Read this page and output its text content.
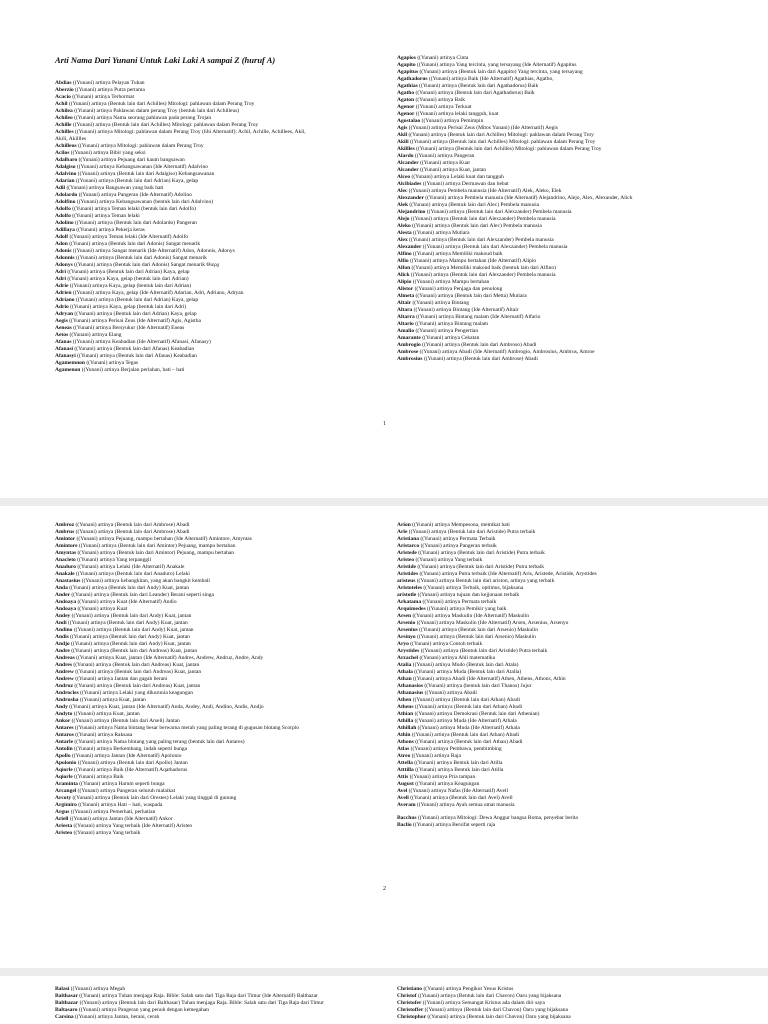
Arti Nama Dari Yunani Untuk Laki Laki A sampai Z (huruf A)
Abdias ((Yunani) artinya Pelayan Tuhan
Aberzio ((Yunani) artinya Putra pertama
Acacio ((Yunani) artinya Terhormat
Achil ((Yunani) artinya (Bentuk lain dari Achilles) Mitologi: pahlawan dalam Perang Troy
Achilea ((Yunani) artinya Pahlawan dalam perang Troy (bentuk lain dari Achilleus)
Achileo ((Yunani) artinya Nama seorang pahlawan pada perang Trojan
Achille ((Yunani) artinya (Bentuk lain dari Achilles) Mitologi: pahlawan dalam Perang Troy
Achilles ((Yunani) artinya Mitologi: pahlawan dalam Perang Troy (lihi Alternatif): Achil, Achille, Achillees, Akil,
Akili, Akillles
Achilleus ((Yunani) artinya Mitologi: pahlawan dalam Perang Troy
Acilos ((Yunani) artinya Bibir yang seksi
Adalbaro ((Yunani) artinya Pejuang dari kaum bangsawan
Adalgiso ((Yunani) artinya Kebangsawanan (Ide Alternatif) Adalvino
Adalvino ((Yunani) artinya (Bentuk lain dari Adalgiso) Kebangsawanan
Adarian ((Yunani) artinya (Bentuk lain dari Adrian) Kaya, gelap
Adil ((Yunani) artinya Bangsawan yang baik hati
Adolardo ((Yunani) artinya Pangeran (Ide Alternatif) Adolino
Adolfino ((Yunani) artinya Kebangsawanan (bentuk lain dari Adalvino)
Adolfo ((Yunani) artinya Teman lelaki (bentuk lain dari Adolfo)
Adolfo ((Yunani) artinya Teman lelaki
Adolino ((Yunani) artinya (Bentuk lain dari Adolardo) Pangeran
Adillaya ((Yunani) artinya Pekerja keras
Adolf ((Yunani) artinya Teman lelaki (Ide Alternatif) Adolfo
Adon ((Yunani) artinya (Bentuk lain dari Adonis) Sangat menarik
Adonis ((Yunani) artinya Sangat menarik (Ide Alternatif) Adon, Adonnis, Adonys
Adonnis ((Yunani) artinya (Bentuk lain dari Adonis) Sangat menarik
Adonys ((Yunani) artinya (Bentuk lain dari Adonis) Sangat menarik Θιερχ
Adri ((Yunani) artinya (Bentuk lain dari Adrian) Kaya, gelap
Adri ((Yunani) artinya Kaya, gelap (bentuk lain dari Adrian)
Adrie ((Yunani) artinya Kaya, gelap (bentuk lain dari Adrian)
Adrien ((Yunani) artinya Kaya, gelap (Ide Alternatif) Adarian, Adri, Adriano, Adryan
Adriano ((Yunani) artinya (Bentuk lain dari Adrian) Kaya, gelap
Adrio ((Yunani) artinya Kaya, gelap (bentuk lain dari Adri)
Adryan ((Yunani) artinya (Bentuk lain dari Adrian) Kaya, gelap
Aegis ((Yunani) artinya Perisai Zeus (Ide Alternatif) Agis, Agistha
Aeneas ((Yunani) artinya Bersyukur (Ide Alternatif) Eneas
Aetos ((Yunani) artinya Elang
Afanas ((Yunani) artinya Keabadian (Ide Alternatif) Afanasi, Afanasy)
Afanasi ((Yunani) artinya (Bentuk lain dari Afanas) Keabadian
Afanasyi ((Yunani) artinya (Bentuk lain dari Afanas) Keabadian
Agamemnon ((Yunani) artinya Tegas
Agamenon ((Yunani) artinya Berjalan perlahan, hati – hati
Agapios ((Yunani) artinya Cinta
Agapito ((Yunani) artinya Yang tercinta, yang tersayang (Ide Alternatif) Agapitus
Agapitus ((Yunani) artinya (Bentuk lain dari Agapito) Yang tercinta, yang tersayang
Agathadorus ((Yunani) artinya Baik (Ide Alternatif) Agathias, Agatho,
Agathias ((Yunani) artinya (Bentuk lain dari Agathadorus) Baik
Agatho ((Yunani) artinya (Bentuk lain dari Agathadorus) Baik
Agaton ((Yunani) artinya Baik
Agenor ((Yunani) artinya Terkuat
Agenor ((Yunani) artinya lelaki tangguh, kuat
Agostalao ((Yunani) artinya Pemimpin
Agis ((Yunani) artinya Perisai Zeus (Mitos Yunani) (Ide Alternatif) Aegis
Akil ((Yunani) artinya (Bentuk lain dari Achilles) Mitologi: pahlawan dalam Perang Troy
Akili ((Yunani) artinya (Bentuk lain dari Achilles) Mitologi: pahlawan dalam Perang Troy
Akillles ((Yunani) artinya (Bentuk lain dari Achilles) Mitologi: pahlawan dalam Perang Troy
Alardo ((Yunani) artinya Pangeran
Alcander ((Yunani) artinya Kuat
Alcander ((Yunani) artinya Kuat, jantan
Alceo ((Yunani) artinya Lelaki kuat dan tangguh
Alcibiades ((Yunani) artinya Dermawan dan hebat
Alec ((Yunani) artinya Pembela manusia (Ide Alternatif) Alek, Aleko, Elek
Alexzander ((Yunani) artinya Pembela manusia (Ide Alternatif) Alejandrino, Alejo, Alex, Alexander, Alick
Alek ((Yunani) artinya (Bentuk lain dari Alec) Pembela manusia
Alejandrino ((Yunani) artinya (Bentuk lain dari Alexzander) Pembela manusia
Alejo ((Yunani) artinya (Bentuk lain dari Alexzander) Pembela manusia
Aleko ((Yunani) artinya (Bentuk lain dari Alec) Pembela manusia
Alesta ((Yunani) artinya Mutiara
Alex ((Yunani) artinya (Bentuk lain dari Alexzander) Pembela manusia
Alexander ((Yunani) artinya (Bentuk lain dari Alexzander) Pembela manusia
Alfino ((Yunani) artinya Memiliki makoud baik
Alfio ((Yunani) artinya Mampu bertahan (Ide Alternatif) Alipio
Alfon ((Yunani) artinya Memiliki makoud baik (bentuk lain dari Alfino)
Alick ((Yunani) artinya (Bentuk lain dari Alexzander) Pembela manusia
Alipio ((Yunani) artinya Mampu bertahan
Alistor ((Yunani) artinya Penjaga dan penolong
Almeta ((Yunani) artinya (Bentuk lain dari Metta) Mutiara
Altair ((Yunani) artinya Bintang
Altara ((Yunani) artinya Bintang (Ide Alternatif) Altair
Altarra ((Yunani) artinya Bintang malam (Ide Alternatif) Alfario
Altario ((Yunani) artinya Bintang malam
Amalio ((Yunani) artinya Pengertian
Amarante ((Yunani) artinya Cekatan
Ambrogio ((Yunani) artinya (Bentuk lain dari Ambroso) Abadi
Ambrose ((Yunani) artinya Abadi (Ide Alternatif) Ambrogio, Ambrosius, Ambrus, Amroe
Ambrosius ((Yunani) artinya (Bentuk lain dari Ambrose) Abadi
1
Ambroz ((Yunani) artinya (Bentuk lain dari Ambrose) Abadi
Ambrus ((Yunani) artinya (Bentuk lain dari Ambrose) Abadi
Amintor ((Yunani) artinya Pejuang, mampu bertahan (Ide Alternatif) Amintore, Amyntas
Amintore ((Yunani) artinya (Bentuk lain dari Amintor) Pejuang, mampu bertahan
Amyntas ((Yunani) artinya (Bentuk lain dari Amintor) Pejuang, mampu bertahan
Anacleto ((Yunani) artinya Yang terpanggil
Anaduro ((Yunani) artinya Lelaki (Ide Alternatif) Anakale
Anakale ((Yunani) artinya (Bentuk lain dari Anaduro) Lelaki
Anastasius ((Yunani) artinya kebangkitan, yang akan bangkit kembali
Anda ((Yunani) artinya (Bentuk lain dari Andy) Kuat, jantan
Ander ((Yunani) artinya (Bentuk lain dari Leander) Berani seperti singa
Andoaya ((Yunani) artinya Kuat (Ide Alternatif) Andio
Andoaya ((Yunani) artinya Kuat
Andey ((Yunani) artinya (Bentuk lain dari Andy) Kuat, jantan
Andi ((Yunani) artinya (Bentuk lain dari Andy) Kuat, jantan
Andino ((Yunani) artinya (Bentuk lain dari Andy) Kuat, jantan
Andis ((Yunani) artinya (Bentuk lain dari Andy) Kuat, jantan
Andjo ((Yunani) artinya (Bentuk lain dari Andy) Kuat, jantan
Andre ((Yunani) artinya (Bentuk lain dari Andreas) Kuat, jantan
Andreas ((Yunani) artinya Kuat, jantan (Ide Alternatif) Andres, Andrew, Andruz, Andre, Andy
Andres ((Yunani) artinya (Bentuk lain dari Andreas) Kuat, jantan
Andrew ((Yunani) artinya (Bentuk lain dari Andreas) Kuat, jantan
Andrew ((Yunani) artinya Jantan dan gagah berani
Andruz ((Yunani) artinya (Bentuk lain dari Andreas) Kuat, jantan
Androcles ((Yunani) artinya Lelaki yang dikurunia keagungan
Andrusha ((Yunani) artinya Kuat, jantan
Andy ((Yunani) artinya Kuat, jantan (Ide Alternatif) Anda, Andey, Andi, Andino, Andis, Andjo
Andyto ((Yunani) artinya Kuat, jantan
Ankor ((Yunani) artinya (Bentuk lain dari Arseli) Jantan
Antares ((Yunani) artinya Nama bintang besar berwarna merah yang paling terang di gugusan bintang Scorpio
Antaros ((Yunani) artinya Raksasa
Antarle ((Yunani) artinya Nama bintang yang paling terang (bentuk lain dari Antares)
Antolin ((Yunani) artinya Berkembang, indah seperti bunga
Apollo ((Yunani) artinya Jantan (Ide Alternatif) Apolonio
Apolonio ((Yunani) artinya (Bentuk lain dari Apollo) Jantan
Aqiorle ((Yunani) artinya Baik (Ide Alternatif) Aqathadorus
Aqiorle ((Yunani) artinya Baik
Araminta ((Yunani) artinya Harum seperti bunga
Arcangel ((Yunani) artinya Pangeran seluruh malaikat
Arcoty ((Yunani) artinya (Bentuk lain dari Orestes) Lelaki yang tinggal di gunung
Argimiro ((Yunani) artinya Hati – hati, waspada
Argus ((Yunani) artinya Pemerhati, perhatian
Ariell ((Yunani) artinya Jantan (Ide Alternatif) Ankor
Ariesta ((Yunani) artinya Yang terbaik (Ide Alternatif) Aristeo
Aristeo ((Yunani) artinya Yang terbaik
Arion ((Yunani) artinya Mempesona, memikat hati
Arle ((Yunani) artinya (Bentuk lain dari Aristide) Putra terbaik
Aristiana ((Yunani) artinya Permata Terbaik
Aristarco ((Yunani) artinya Pangeran terbaik
Aristede ((Yunani) artinya (Bentuk lain dari Aristide) Putra terbaik
Aristeo ((Yunani) artinya Yang terbaik
Aristide ((Yunani) artinya (Bentuk lain dari Aristide) Putra terbaik
Aristides ((Yunani) artinya Putra terbaik (Ide Alternatif) Aris, Aristede, Aristide, Arystides
aristeus ((Yunani) artinya Bentuk lain dari ariston, artinya yang terbaik
Aristoteles ((Yunani) artinya Terbaik, optimus, bijaksana
aristotle ((Yunani) artinya tujuan dan kejjunaan terbaik
Arkatama ((Yunani) artinya Permata terbaik
Arquimedes ((Yunani) artinya Pemikir yang baik
Arsen ((Yunani) artinya Maskulin (Ide Alternatif) Maskulin
Arsenio ((Yunani) artinya Maskulin (Ide Alternatif) Arsen, Arsenius, Arsenyo
Arsenius ((Yunani) artinya (Bentuk lain dari Arsenio) Maskulin
Arsinyo ((Yunani) artinya (Bentuk lain dari Arsenio) Maskulin
Aryo ((Yunani) artinya Contoh terbaik
Arystides ((Yunani) artinya (Bentuk lain dari Aristide) Putra terbaik
Arzachel ((Yunani) artinya Ahli matematika
Atalia ((Yunani) artinya Mudo (Bentuk lain dari Atala)
Athala ((Yunani) artinya Muda (Bentuk lain dari Atalla)
Athan ((Yunani) artinya Abadi (Ide Alternatif) Athen, Athens, Athons, Athin
Athanasios ((Yunani) artinya (bentuk lain dari Thanos) Jujur
Athanasius ((Yunani) artinya Abadi
Athen ((Yunani) artinya (Bentuk lain dari Athan) Abadi
Athens ((Yunani) artinya (Bentuk lain dari Athan) Abadi
Athian ((Yunani) artinya Demokrasi (Bentuk lain dari Athenian)
Athilla ((Yunani) artinya Muda (Ide Alternatif) Athala
Athillah ((Yunani) artinya Muda (Ide Alternatif) Athala
Athin ((Yunani) artinya (Bentuk lain dari Athan) Abadi
Athons ((Yunani) artinya (Bentuk lain dari Athan) Abadi
Atlas ((Yunani) artinya Pembawa, pembimbing
Atreo ((Yunani) artinya Raja
Attella ((Yunani) artinya Bentuk lain dari Atilla
Atttilla ((Yunani) artinya Bentuk lain dari Atilla
Attis ((Yunani) artinya Pria tampan
August ((Yunani) artinya Keagungan
Avel ((Yunani) artinya Nafas (Ide Alternatif) Avell
Avell ((Yunani) artinya (Bentuk lain dari Avel) Avell
Averam ((Yunani) artinya Ayah semua umat manusia
Bacchus ((Yunani) artinya Mitologi: Dewa Anggur bangsa Roma, penyebar berita
Baclio ((Yunani) artinya Bersifat seperti raja
2
Balasi ((Yunani) artinya Megah
Balthasar ((Yunani) artinya Tuhan menjaga Raja. Bible: Salah satu dari Tiga Raja dari Timur (Ide Alternatif) Balthazar
Balthazar ((Yunani) artinya (Bentuk lain dari Balthasar) Tuhan menjaga Raja. Bible: Salah satu dari Tiga Raja dari Timur
Baltasaro ((Yunani) artinya Pangeran yang penuh dengan kemegahan
Carsina ((Yunani) artinya Jantan, berani, cerah
Christiano ((Yunani) artinya Pengikut Yesus Kristus
Christof ((Yunani) artinya (Bentuk lain dari Chavon) Oaru yang bijaksana
Christofer ((Yunani) artinya Semangat Kristus ada dalam diri saya
Christoffer ((Yunani) artinya (Bentuk lain dari Chavon) Oaru yang bijaksana
Christophor ((Yunani) artinya (Bentuk lain dari Chavon) Oaru yang bijaksana
